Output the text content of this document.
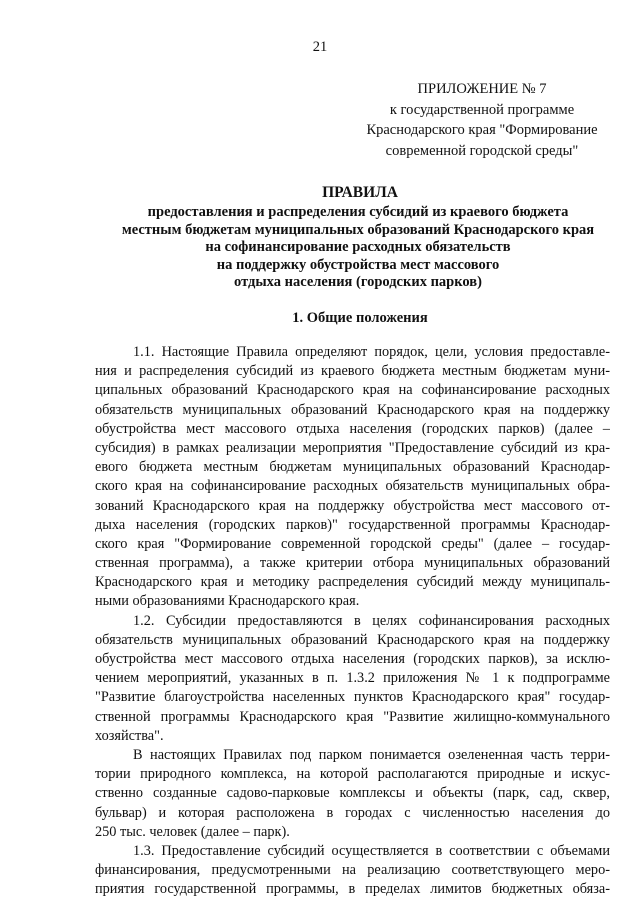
21
ПРИЛОЖЕНИЕ № 7
к государственной программе
Краснодарского края "Формирование
современной городской среды"
ПРАВИЛА
предоставления и распределения субсидий из краевого бюджета
местным бюджетам муниципальных образований Краснодарского края
на софинансирование расходных обязательств
на поддержку обустройства мест массового
отдыха населения (городских парков)
1. Общие положения
1.1. Настоящие Правила определяют порядок, цели, условия предоставле-
ния и распределения субсидий из краевого бюджета местным бюджетам муни-
ципальных образований Краснодарского края на софинансирование расходных
обязательств муниципальных образований Краснодарского края на поддержку
обустройства мест массового отдыха населения (городских парков) (далее –
субсидия) в рамках реализации мероприятия "Предоставление субсидий из кра-
евого бюджета местным бюджетам муниципальных образований Краснодар-
ского края на софинансирование расходных обязательств муниципальных обра-
зований Краснодарского края на поддержку обустройства мест массового от-
дыха населения (городских парков)" государственной программы Краснодар-
ского края "Формирование современной городской среды" (далее – государ-
ственная программа), а также критерии отбора муниципальных образований
Краснодарского края и методику распределения субсидий между муниципаль-
ными образованиями Краснодарского края.
1.2. Субсидии предоставляются в целях софинансирования расходных
обязательств муниципальных образований Краснодарского края на поддержку
обустройства мест массового отдыха населения (городских парков), за исклю-
чением мероприятий, указанных в п. 1.3.2 приложения № 1 к подпрограмме
"Развитие благоустройства населенных пунктов Краснодарского края" государ-
ственной программы Краснодарского края "Развитие жилищно-коммунального
хозяйства".
В настоящих Правилах под парком понимается озелененная часть терри-
тории природного комплекса, на которой располагаются природные и искус-
ственно созданные садово-парковые комплексы и объекты (парк, сад, сквер,
бульвар) и которая расположена в городах с численностью населения до
250 тыс. человек (далее – парк).
1.3. Предоставление субсидий осуществляется в соответствии с объемами
финансирования, предусмотренными на реализацию соответствующего меро-
приятия государственной программы, в пределах лимитов бюджетных обяза-
